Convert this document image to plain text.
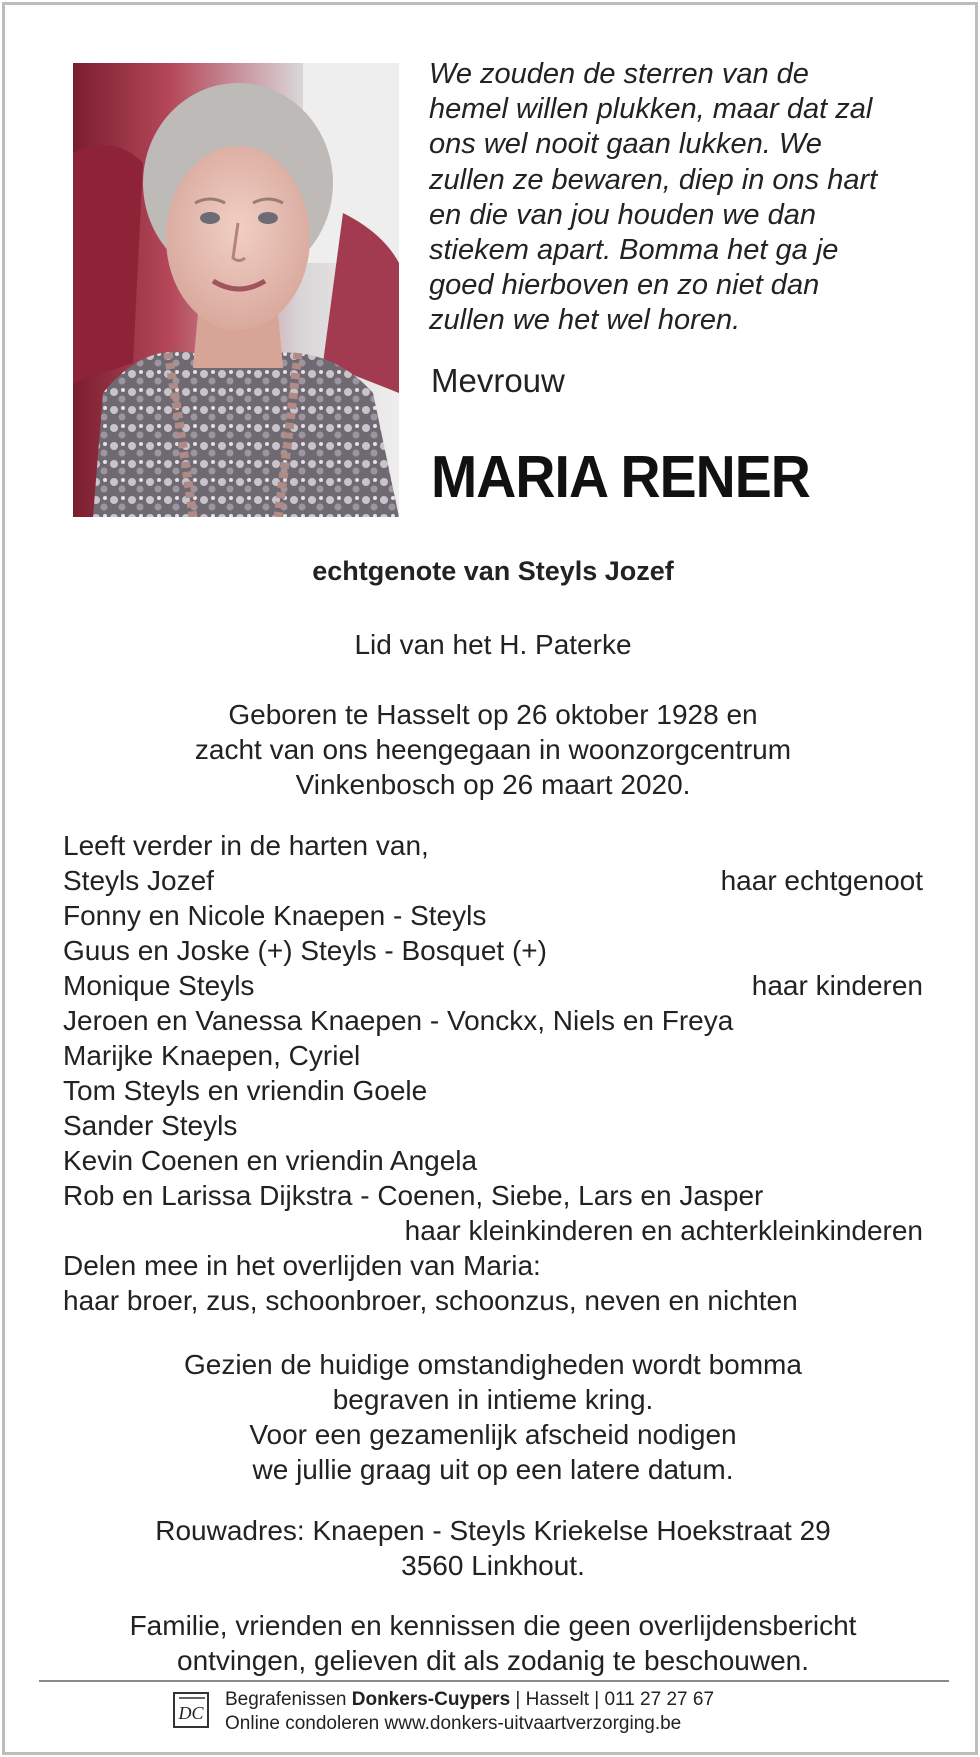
We zouden de sterren van de
hemel willen plukken, maar dat zal
ons wel nooit gaan lukken. We
zullen ze bewaren, diep in ons hart
en die van jou houden we dan
stiekem apart. Bomma het ga je
goed hierboven en zo niet dan
zullen we het wel horen.
Mevrouw
MARIA RENER
echtgenote van Steyls Jozef
Lid van het H. Paterke
Geboren te Hasselt op 26 oktober 1928 en
zacht van ons heengegaan in woonzorgcentrum
Vinkenbosch op 26 maart 2020.
Leeft verder in de harten van,
Steyls Jozef	haar echtgenoot
Fonny en Nicole Knaepen - Steyls
Guus en Joske (+) Steyls - Bosquet (+)
Monique Steyls	haar kinderen
Jeroen en Vanessa Knaepen - Vonckx, Niels en Freya
Marijke Knaepen, Cyriel
Tom Steyls en vriendin Goele
Sander Steyls
Kevin Coenen en vriendin Angela
Rob en Larissa Dijkstra - Coenen, Siebe, Lars en Jasper
haar kleinkinderen en achterkleinkinderen
Delen mee in het overlijden van Maria:
haar broer, zus, schoonbroer, schoonzus, neven en nichten
Gezien de huidige omstandigheden wordt bomma
begraven in intieme kring.
Voor een gezamenlijk afscheid nodigen
we jullie graag uit op een latere datum.
Rouwadres: Knaepen - Steyls Kriekelse Hoekstraat 29
3560 Linkhout.
Familie, vrienden en kennissen die geen overlijdensbericht
ontvingen, gelieven dit als zodanig te beschouwen.
DC
Begrafenissen Donkers-Cuypers | Hasselt | 011 27 27 67
Online condoleren www.donkers-uitvaartverzorging.be
